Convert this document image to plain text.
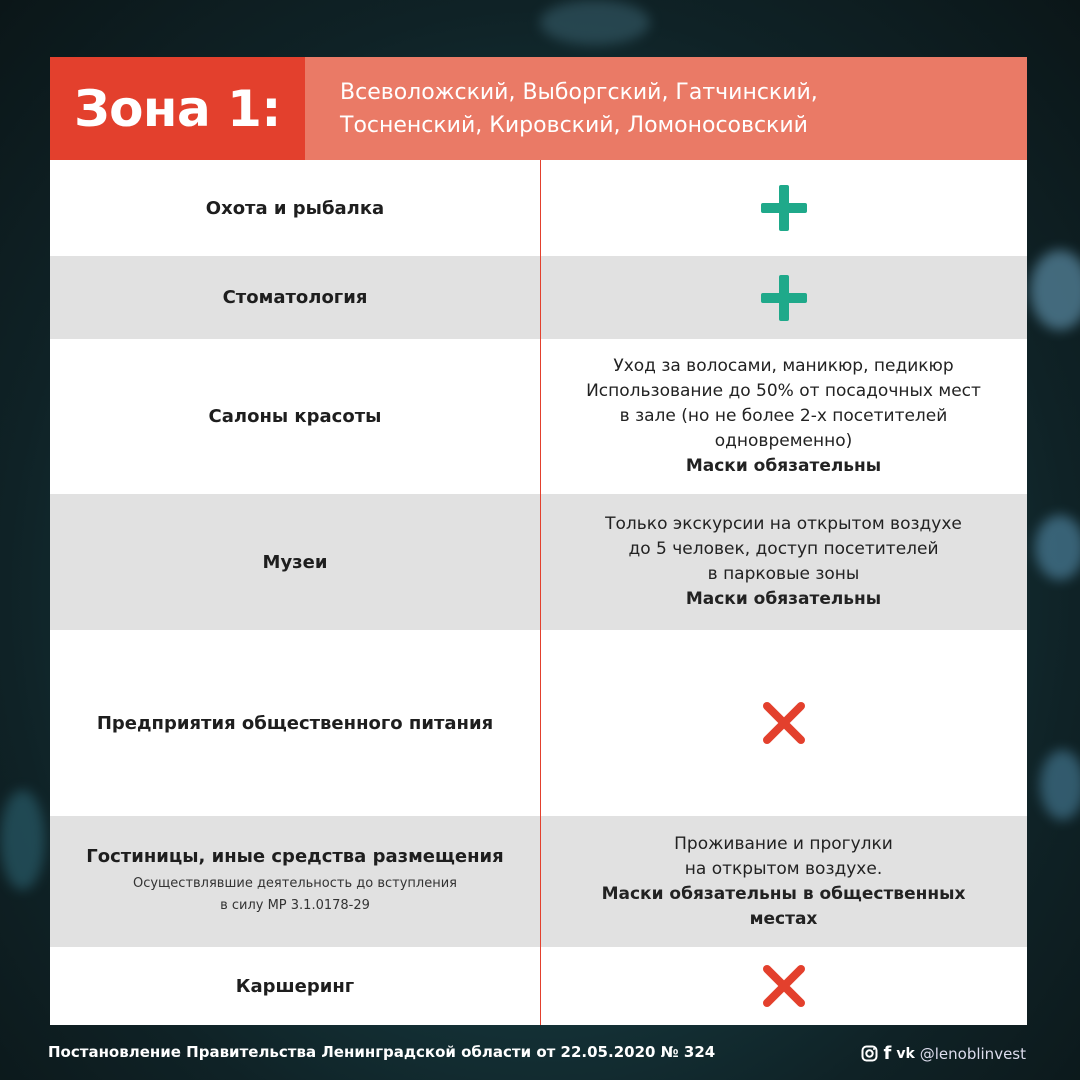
Зона 1:	Всеволожский, Выборгский, Гатчинский,
Тосненский, Кировский, Ломоносовский
Охота и рыбалка
Стоматология
Салоны красоты
Уход за волосами, маникюр, педикюр
Использование до 50% от посадочных мест
в зале (но не более 2-х посетителей
одновременно)
Маски обязательны
Музеи
Только экскурсии на открытом воздухе
до 5 человек, доступ посетителей
в парковые зоны
Маски обязательны
Предприятия общественного питания
Гостиницы, иные средства размещения
Осуществлявшие деятельность до вступления
в силу МР 3.1.0178-29
Проживание и прогулки
на открытом воздухе.
Маски обязательны в общественных
местах
Каршеринг
Постановление Правительства Ленинградской области от 22.05.2020 № 324	f vk @lenoblinvest
